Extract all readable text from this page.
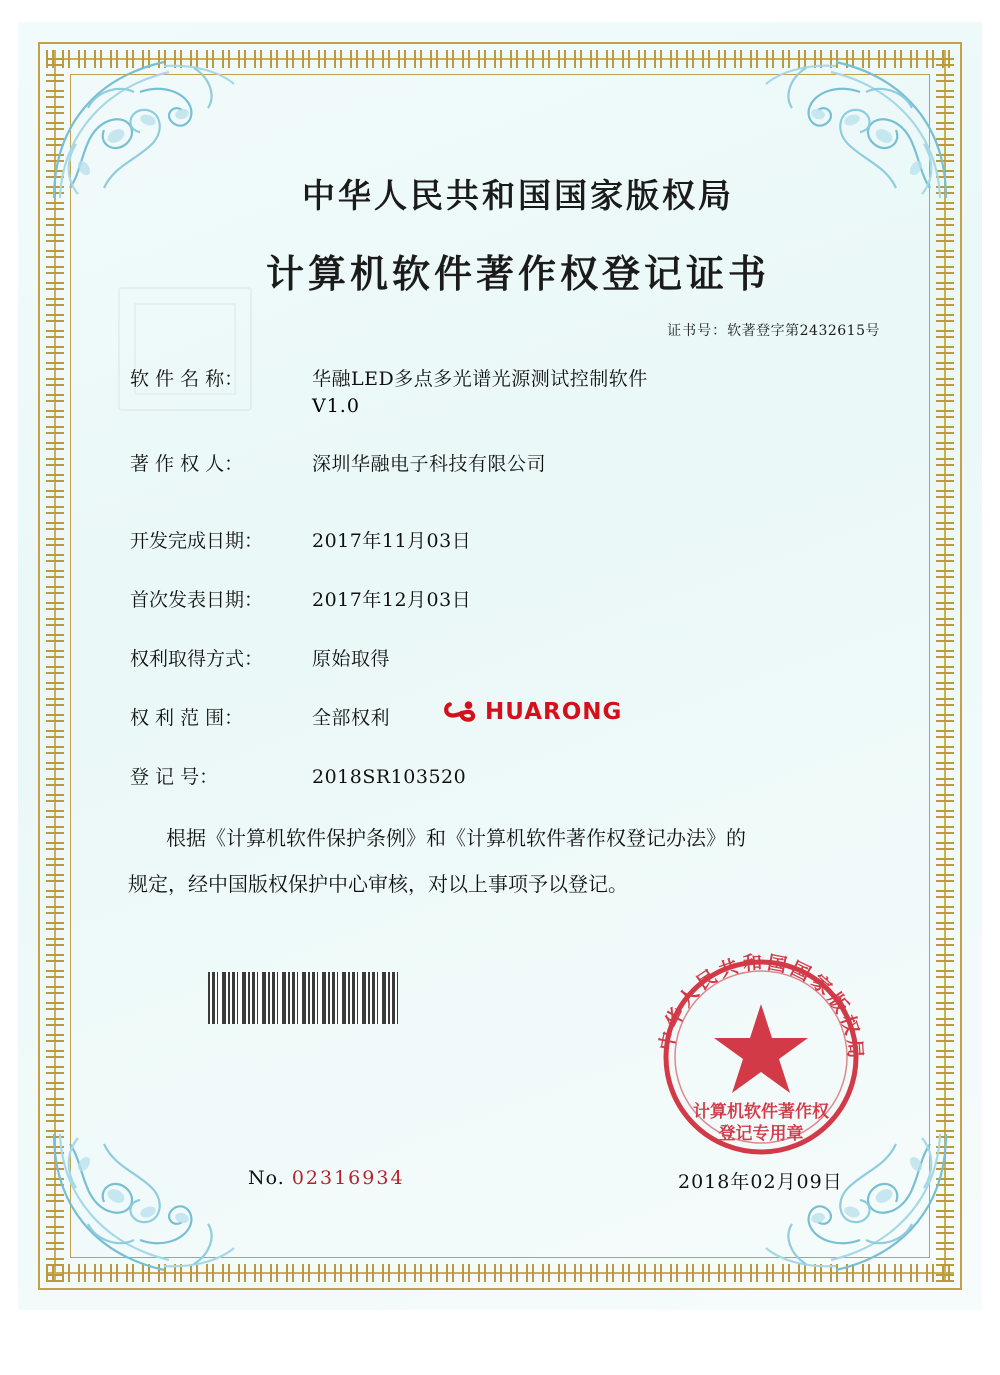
中华人民共和国国家版权局
计算机软件著作权登记证书
证书号：软著登字第2432615号
软 件 名 称：	华融LED多点多光谱光源测试控制软件
V1.0
著 作 权 人：	深圳华融电子科技有限公司
开发完成日期：	2017年11月03日
首次发表日期：	2017年12月03日
权利取得方式：	原始取得
权 利 范 围：	全部权利
登 记 号：	2018SR103520

根据《计算机软件保护条例》和《计算机软件著作权登记办法》的

规定，经中国版权保护中心审核，对以上事项予以登记。

HUARONG
中华人民共和国国家版权局
计算机软件著作权
登记专用章
No. 02316934	2018年02月09日
